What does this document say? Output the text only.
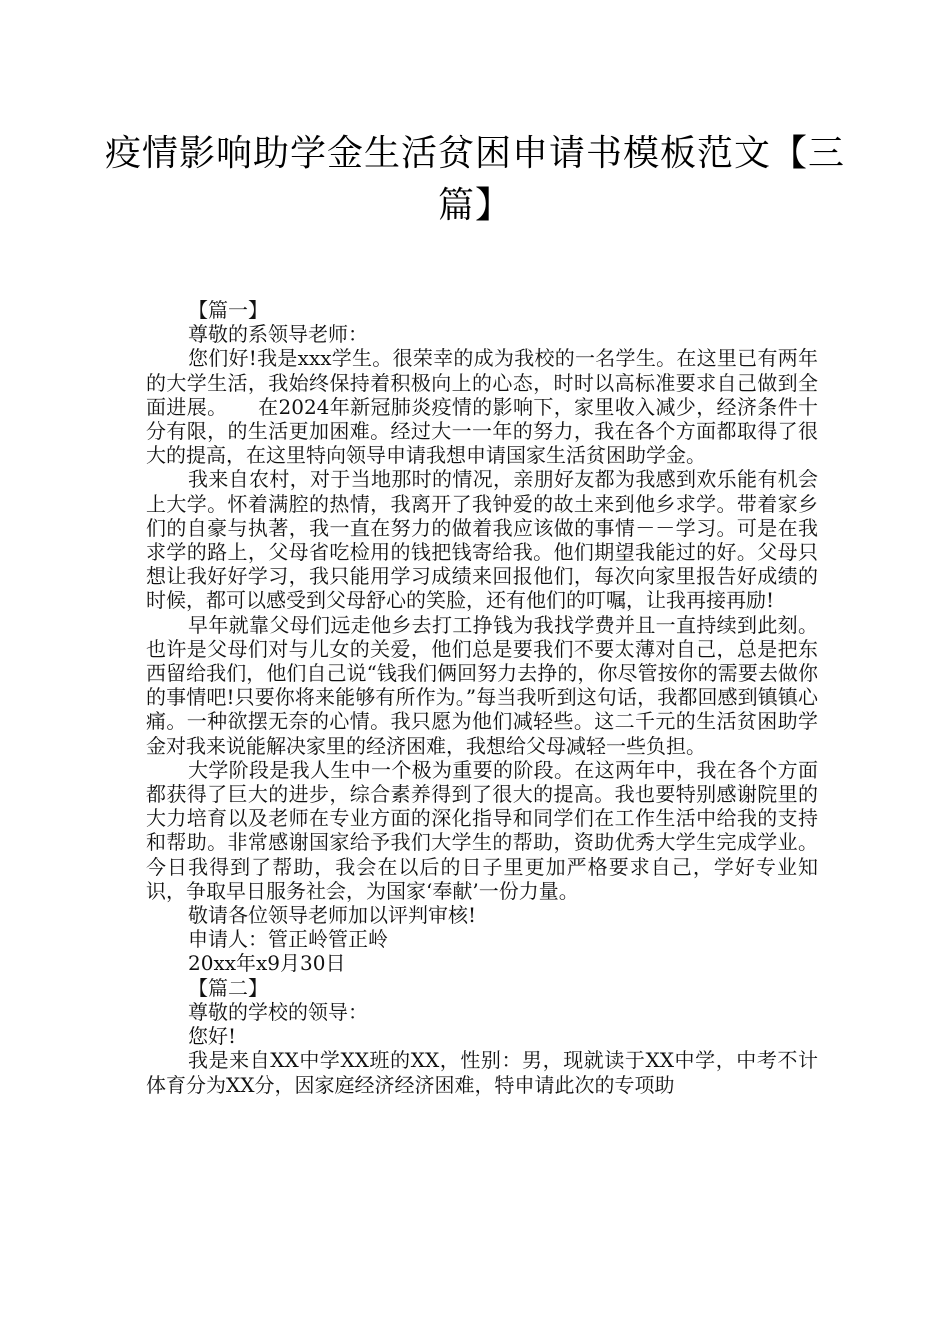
疫情影响助学金生活贫困申请书模板范文【三篇】

【篇一】

尊敬的系领导老师：

您们好!我是xxx学生。很荣幸的成为我校的一名学生。在这里已有两年的大学生活，我始终保持着积极向上的心态，时时以高标准要求自己做到全面进展。　　在2024年新冠肺炎疫情的影响下，家里收入减少，经济条件十分有限，的生活更加困难。经过大一一年的努力，我在各个方面都取得了很大的提高，在这里特向领导申请我想申请国家生活贫困助学金。

我来自农村，对于当地那时的情况，亲朋好友都为我感到欢乐能有机会上大学。怀着满腔的热情，我离开了我钟爱的故土来到他乡求学。带着家乡们的自豪与执著，我一直在努力的做着我应该做的事情－－学习。可是在我求学的路上，父母省吃检用的钱把钱寄给我。他们期望我能过的好。父母只想让我好好学习，我只能用学习成绩来回报他们，每次向家里报告好成绩的时候，都可以感受到父母舒心的笑脸，还有他们的叮嘱，让我再接再励!

早年就靠父母们远走他乡去打工挣钱为我找学费并且一直持续到此刻。也许是父母们对与儿女的关爱，他们总是要我们不要太薄对自己，总是把东西留给我们，他们自己说“钱我们俩回努力去挣的，你尽管按你的需要去做你的事情吧!只要你将来能够有所作为。”每当我听到这句话，我都回感到镇镇心痛。一种欲摆无奈的心情。我只愿为他们减轻些。这二千元的生活贫困助学金对我来说能解决家里的经济困难，我想给父母减轻一些负担。

大学阶段是我人生中一个极为重要的阶段。在这两年中，我在各个方面都获得了巨大的进步，综合素养得到了很大的提高。我也要特别感谢院里的大力培育以及老师在专业方面的深化指导和同学们在工作生活中给我的支持和帮助。非常感谢国家给予我们大学生的帮助，资助优秀大学生完成学业。今日我得到了帮助，我会在以后的日子里更加严格要求自己，学好专业知识，争取早日服务社会，为国家‘奉献’一份力量。

敬请各位领导老师加以评判审核!

申请人：管正岭管正岭

20xx年x9月30日

【篇二】

尊敬的学校的领导：

您好!

我是来自XX中学XX班的XX，性别：男，现就读于XX中学，中考不计体育分为XX分，因家庭经济经济困难，特申请此次的专项助
